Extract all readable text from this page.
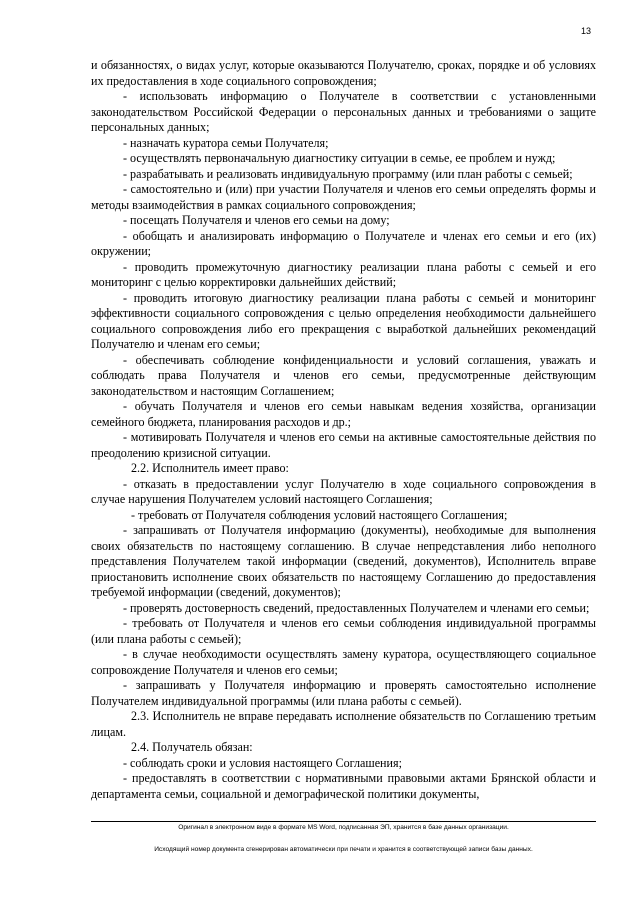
13

и обязанностях, о видах услуг, которые оказываются Получателю, сроках, порядке и об условиях их предоставления в ходе социального сопровождения;

- использовать информацию о Получателе в соответствии с установленными законодательством Российской Федерации о персональных данных и требованиями о защите персональных данных;

- назначать куратора семьи Получателя;

- осуществлять первоначальную диагностику ситуации в семье, ее проблем и нужд;

- разрабатывать и реализовать индивидуальную программу (или план работы с семьей;

- самостоятельно и (или) при участии Получателя и членов его семьи определять формы и методы взаимодействия в рамках социального сопровождения;

- посещать Получателя и членов его семьи на дому;

- обобщать и анализировать информацию о Получателе и членах его семьи и его (их) окружении;

- проводить промежуточную диагностику реализации плана работы с семьей и его мониторинг с целью корректировки дальнейших действий;

- проводить итоговую диагностику реализации плана работы с семьей и мониторинг эффективности социального сопровождения с целью определения необходимости дальнейшего социального сопровождения либо его прекращения с выработкой дальнейших рекомендаций Получателю и членам его семьи;

- обеспечивать соблюдение конфиденциальности и условий соглашения, уважать и соблюдать права Получателя и членов его семьи, предусмотренные действующим законодательством и настоящим Соглашением;

- обучать Получателя и членов его семьи навыкам ведения хозяйства, организации семейного бюджета, планирования расходов и др.;

- мотивировать Получателя и членов его семьи на активные самостоятельные действия по преодолению кризисной ситуации.

2.2. Исполнитель имеет право:

- отказать в предоставлении услуг Получателю в ходе социального сопровождения в случае нарушения Получателем условий настоящего Соглашения;

- требовать от Получателя соблюдения условий настоящего Соглашения;

- запрашивать от Получателя информацию (документы), необходимые для выполнения своих обязательств по настоящему соглашению. В случае непредставления либо неполного представления Получателем такой информации (сведений, документов), Исполнитель вправе приостановить исполнение своих обязательств по настоящему Соглашению до предоставления требуемой информации (сведений, документов);

- проверять достоверность сведений, предоставленных Получателем и членами его семьи;

- требовать от Получателя и членов его семьи соблюдения индивидуальной программы (или плана работы с семьей);

- в случае необходимости осуществлять замену куратора, осуществляющего социальное сопровождение Получателя и членов его семьи;

- запрашивать у Получателя информацию и проверять самостоятельно исполнение Получателем индивидуальной программы (или плана работы с семьей).

2.3. Исполнитель не вправе передавать исполнение обязательств по Соглашению третьим лицам.

2.4. Получатель обязан:

- соблюдать сроки и условия настоящего Соглашения;

- предоставлять в соответствии с нормативными правовыми актами Брянской области и департамента семьи, социальной и демографической политики документы,

Оригинал в электронном виде в формате MS Word, подписанная ЭП, хранится в базе данных организации.
Исходящий номер документа сгенерирован автоматически при печати и хранится в соответствующей записи базы данных.
